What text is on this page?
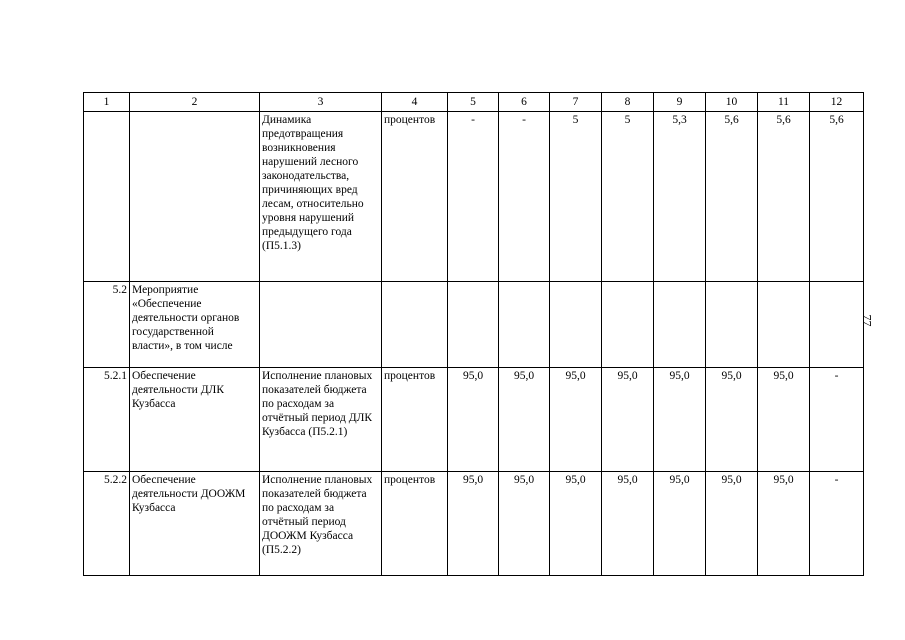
1	2	3	4	5	6	7	8	9	10	11	12
		Динамика предотвращения возникновения нарушений лесного законодательства, причиняющих вред лесам, относительно уровня нарушений предыдущего года (П5.1.3)	процентов	-	-	5	5	5,3	5,6	5,6	5,6
5.2	Мероприятие «Обеспечение деятельности органов государственной власти», в том числе										
5.2.1	Обеспечение деятельности ДЛК Кузбасса	Исполнение плановых показателей бюджета по расходам за отчётный период ДЛК Кузбасса (П5.2.1)	процентов	95,0	95,0	95,0	95,0	95,0	95,0	95,0	-
5.2.2	Обеспечение деятельности ДООЖМ Кузбасса	Исполнение плановых показателей бюджета по расходам за отчётный период ДООЖМ Кузбасса (П5.2.2)	процентов	95,0	95,0	95,0	95,0	95,0	95,0	95,0	-
77
